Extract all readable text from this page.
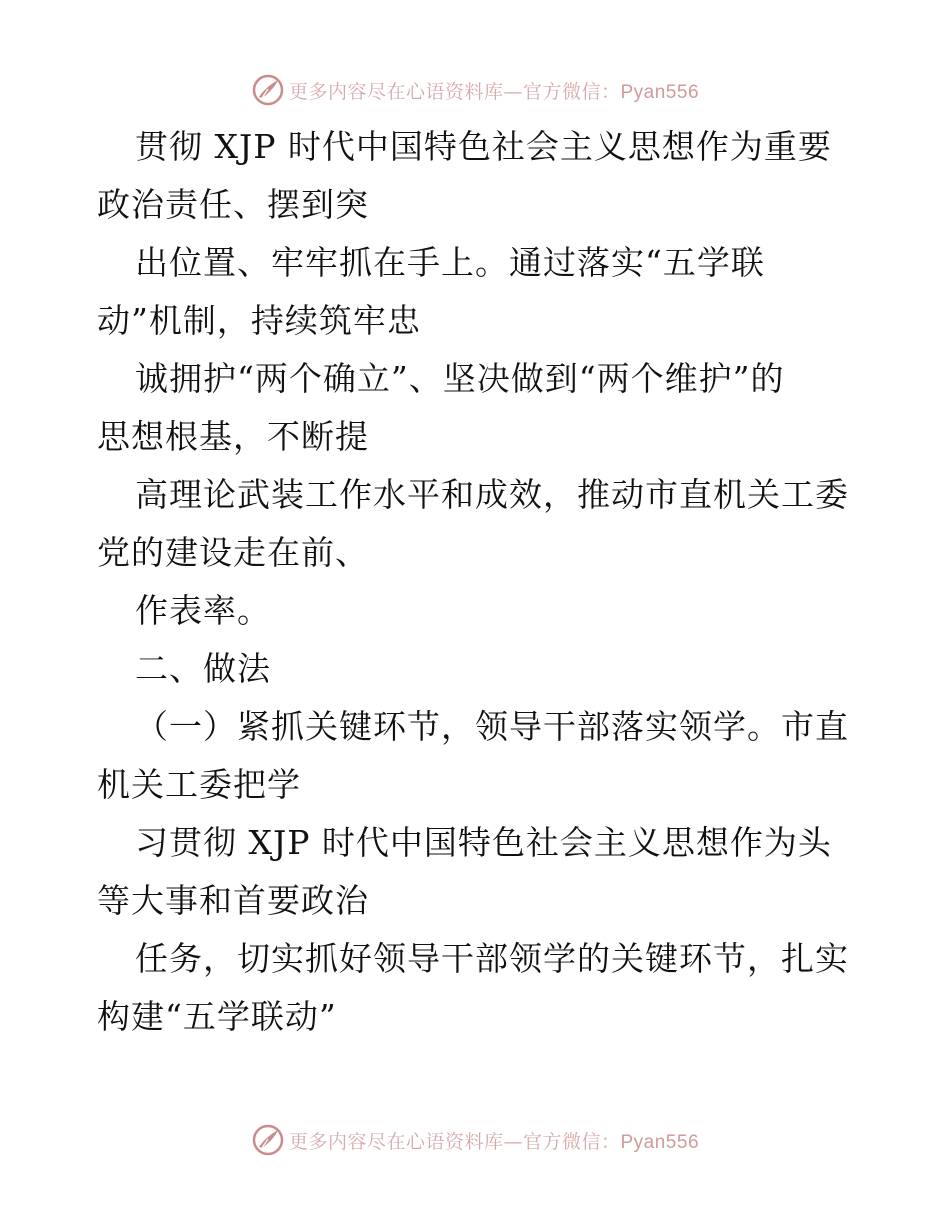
更多内容尽在心语资料库—官方微信：Pyan556
贯彻 XJP 时代中国特色社会主义思想作为重要
政治责任、摆到突
出位置、牢牢抓在手上。通过落实“五学联
动”机制，持续筑牢忠
诚拥护“两个确立”、坚决做到“两个维护”的
思想根基，不断提
高理论武装工作水平和成效，推动市直机关工委
党的建设走在前、
作表率。
二、做法
（一）紧抓关键环节，领导干部落实领学。市直
机关工委把学
习贯彻 XJP 时代中国特色社会主义思想作为头
等大事和首要政治
任务，切实抓好领导干部领学的关键环节，扎实
构建“五学联动”
更多内容尽在心语资料库—官方微信：Pyan556
